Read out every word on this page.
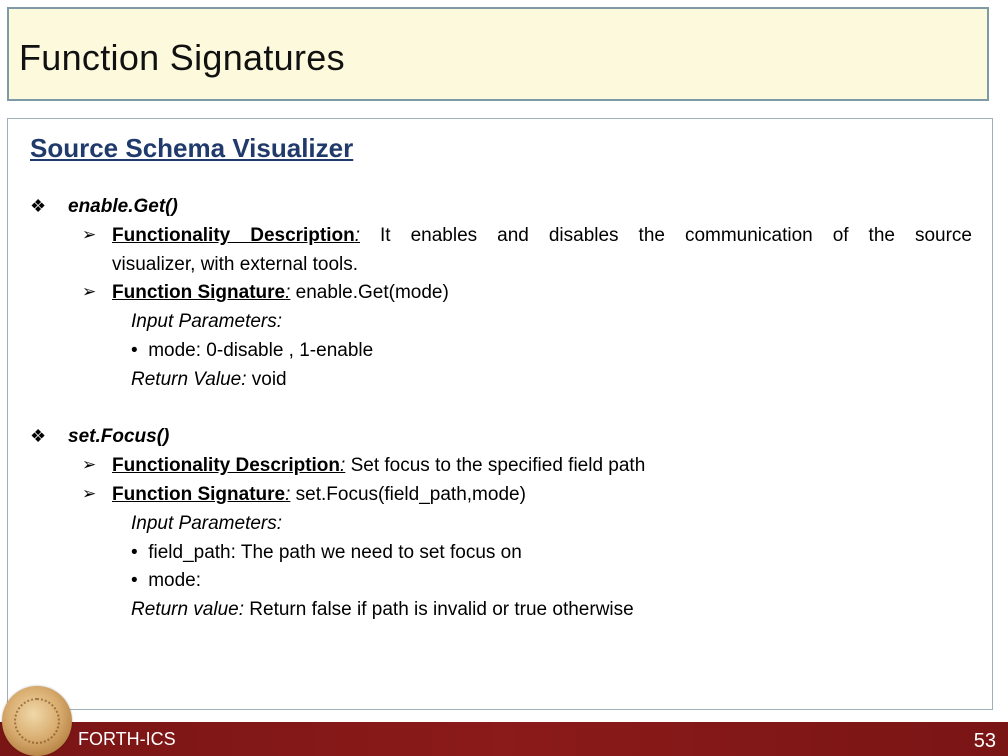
Function Signatures
Source Schema Visualizer
❖ enable.Get()
➢ Functionality Description: It enables and disables the communication of the source
visualizer, with external tools.
➢ Function Signature: enable.Get(mode)
Input Parameters:
• mode: 0-disable , 1-enable
Return Value: void
❖ set.Focus()
➢ Functionality Description: Set focus to the specified field path
➢ Function Signature: set.Focus(field_path,mode)
Input Parameters:
• field_path: The path we need to set focus on
• mode:
Return value: Return false if path is invalid or true otherwise
FORTH-ICS	53
